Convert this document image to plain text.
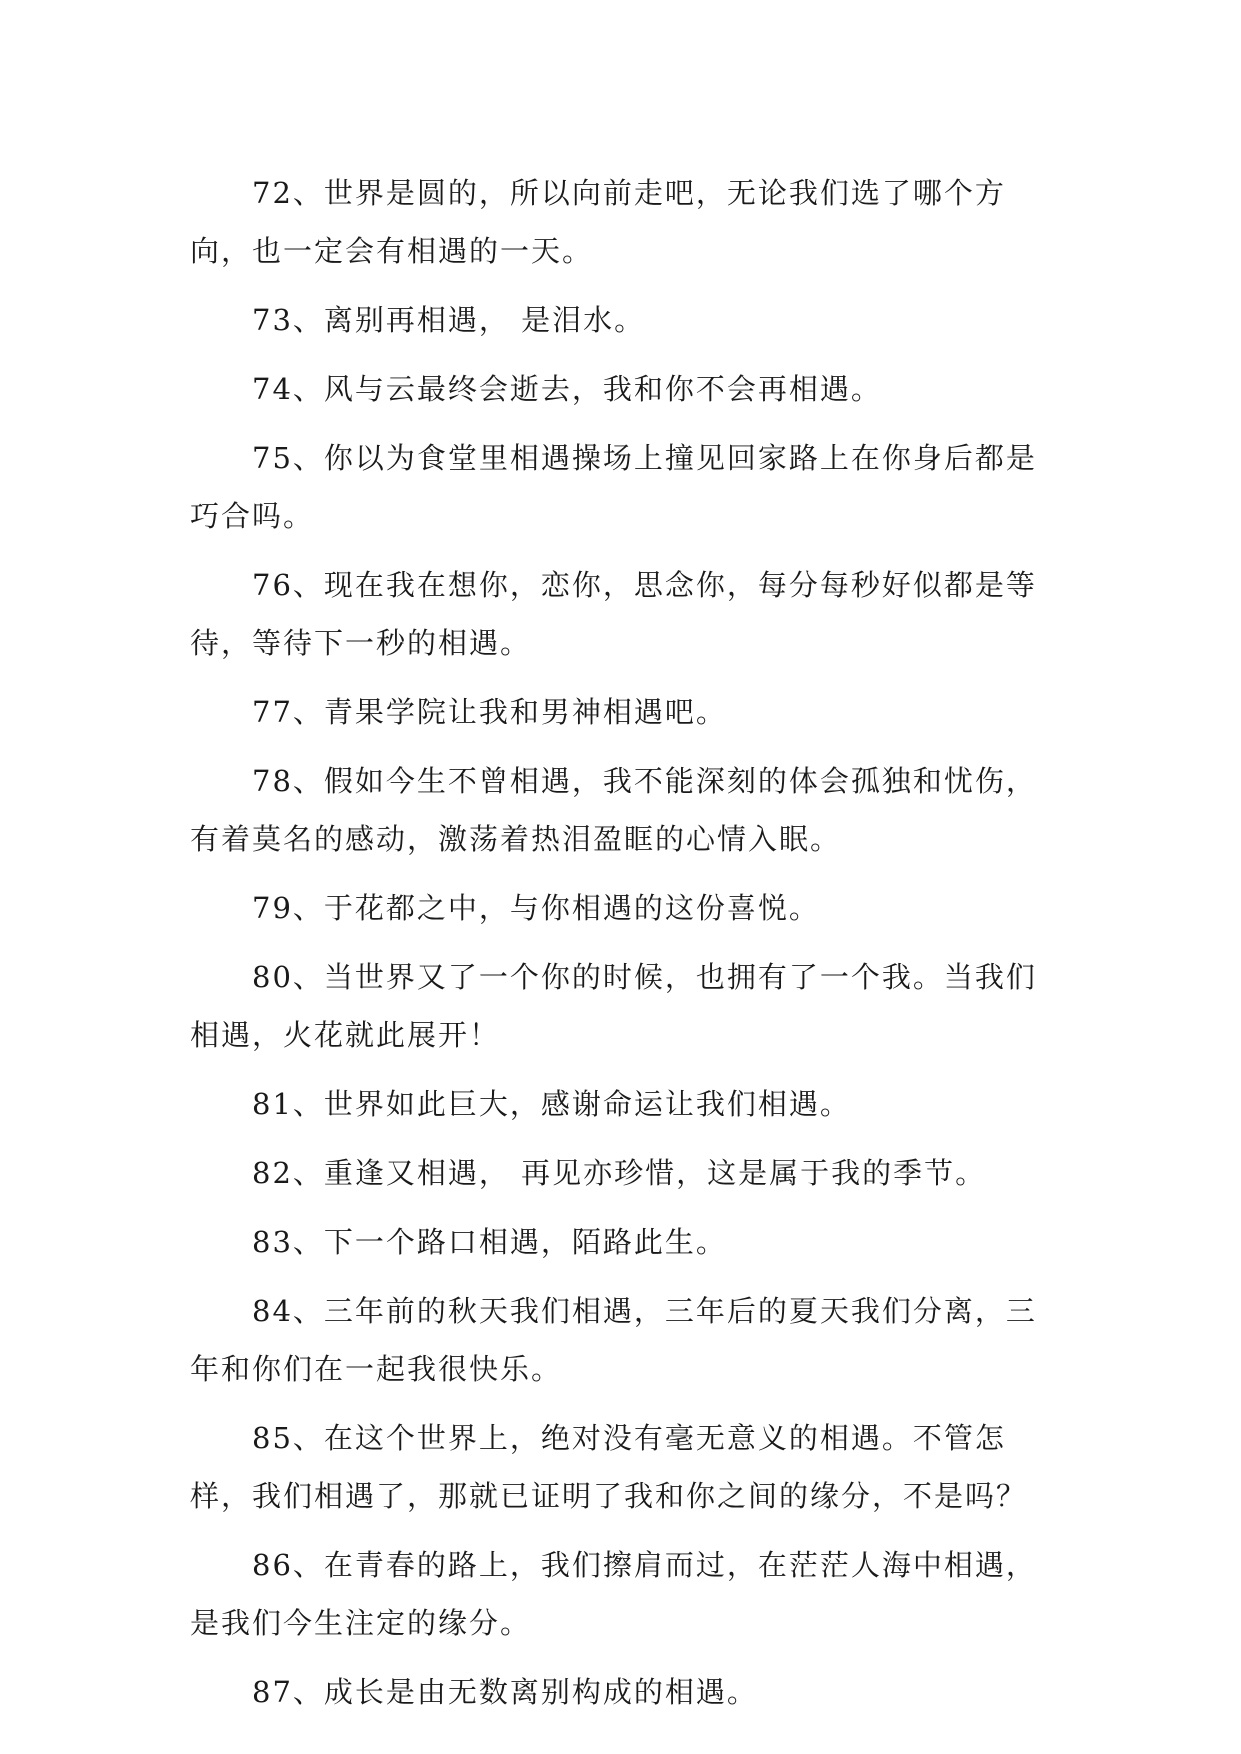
72、世界是圆的，所以向前走吧，无论我们选了哪个方向，也一定会有相遇的一天。

73、离别再相遇， 是泪水。

74、风与云最终会逝去，我和你不会再相遇。

75、你以为食堂里相遇操场上撞见回家路上在你身后都是巧合吗。

76、现在我在想你，恋你，思念你，每分每秒好似都是等待，等待下一秒的相遇。

77、青果学院让我和男神相遇吧。

78、假如今生不曾相遇，我不能深刻的体会孤独和忧伤，有着莫名的感动，激荡着热泪盈眶的心情入眠。

79、于花都之中，与你相遇的这份喜悦。

80、当世界又了一个你的时候，也拥有了一个我。当我们相遇，火花就此展开！

81、世界如此巨大，感谢命运让我们相遇。

82、重逢又相遇， 再见亦珍惜，这是属于我的季节。

83、下一个路口相遇，陌路此生。

84、三年前的秋天我们相遇，三年后的夏天我们分离，三年和你们在一起我很快乐。

85、在这个世界上，绝对没有毫无意义的相遇。不管怎样，我们相遇了，那就已证明了我和你之间的缘分，不是吗？

86、在青春的路上，我们擦肩而过，在茫茫人海中相遇，是我们今生注定的缘分。

87、成长是由无数离别构成的相遇。
